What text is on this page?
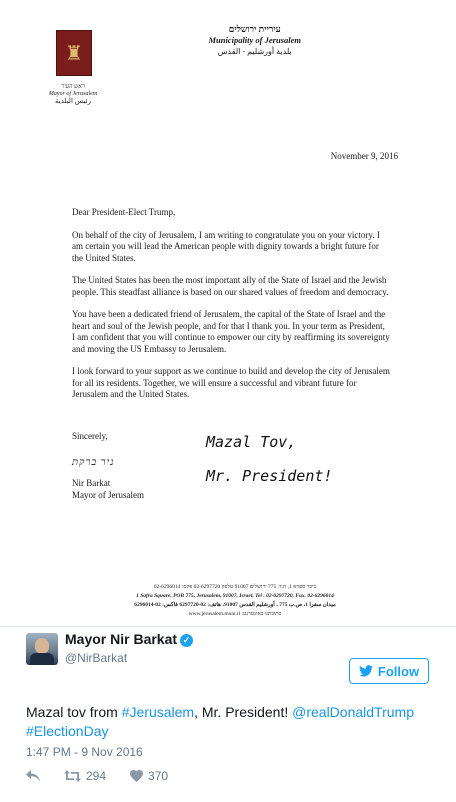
♜
ראש העיר
Mayor of Jerusalem
رئيس البلدية
עיריית ירושלים
Municipality of Jerusalem
بلدية أورشليم - القدس
November 9, 2016

Dear President-Elect Trump,

On behalf of the city of Jerusalem, I am writing to congratulate you on your victory. I am certain you will lead the American people with dignity towards a bright future for the United States.

The United States has been the most important ally of the State of Israel and the Jewish people. This steadfast alliance is based on our shared values of freedom and democracy.

You have been a dedicated friend of Jerusalem, the capital of the State of Israel and the heart and soul of the Jewish people, and for that I thank you. In your term as President, I am confident that you will continue to empower our city by reaffirming its sovereignty and moving the US Embassy to Jerusalem.

I look forward to your support as we continue to build and develop the city of Jerusalem for all its residents. Together, we will ensure a successful and vibrant future for Jerusalem and the United States.

Sincerely,
ניר ברקת
Nir Barkat
Mayor of Jerusalem
Mazal Tov,
Mr. President!
כיכר ספרא 1, ת.ד. 775 ירושלים 91007 טלפון 02-6297720 פקס: 02-6296014
1 Safra Square, POB 775, Jerusalem, 91007, Israel, Tel . 02-6297720, Fax. 02-6296014
ميدان سفرا 1، ص.ب 775 ، أورشليم القدس 91007، هاتف: 02-6297720 فاكس: 02-6296014
www.jerusalem.muni.il :כתובתנו באינטרנט
Mayor Nir Barkat ✓
@NirBarkat
Follow
Mazal tov from #Jerusalem, Mr. President! @realDonaldTrump
#ElectionDay
1:47 PM - 9 Nov 2016
294	370
